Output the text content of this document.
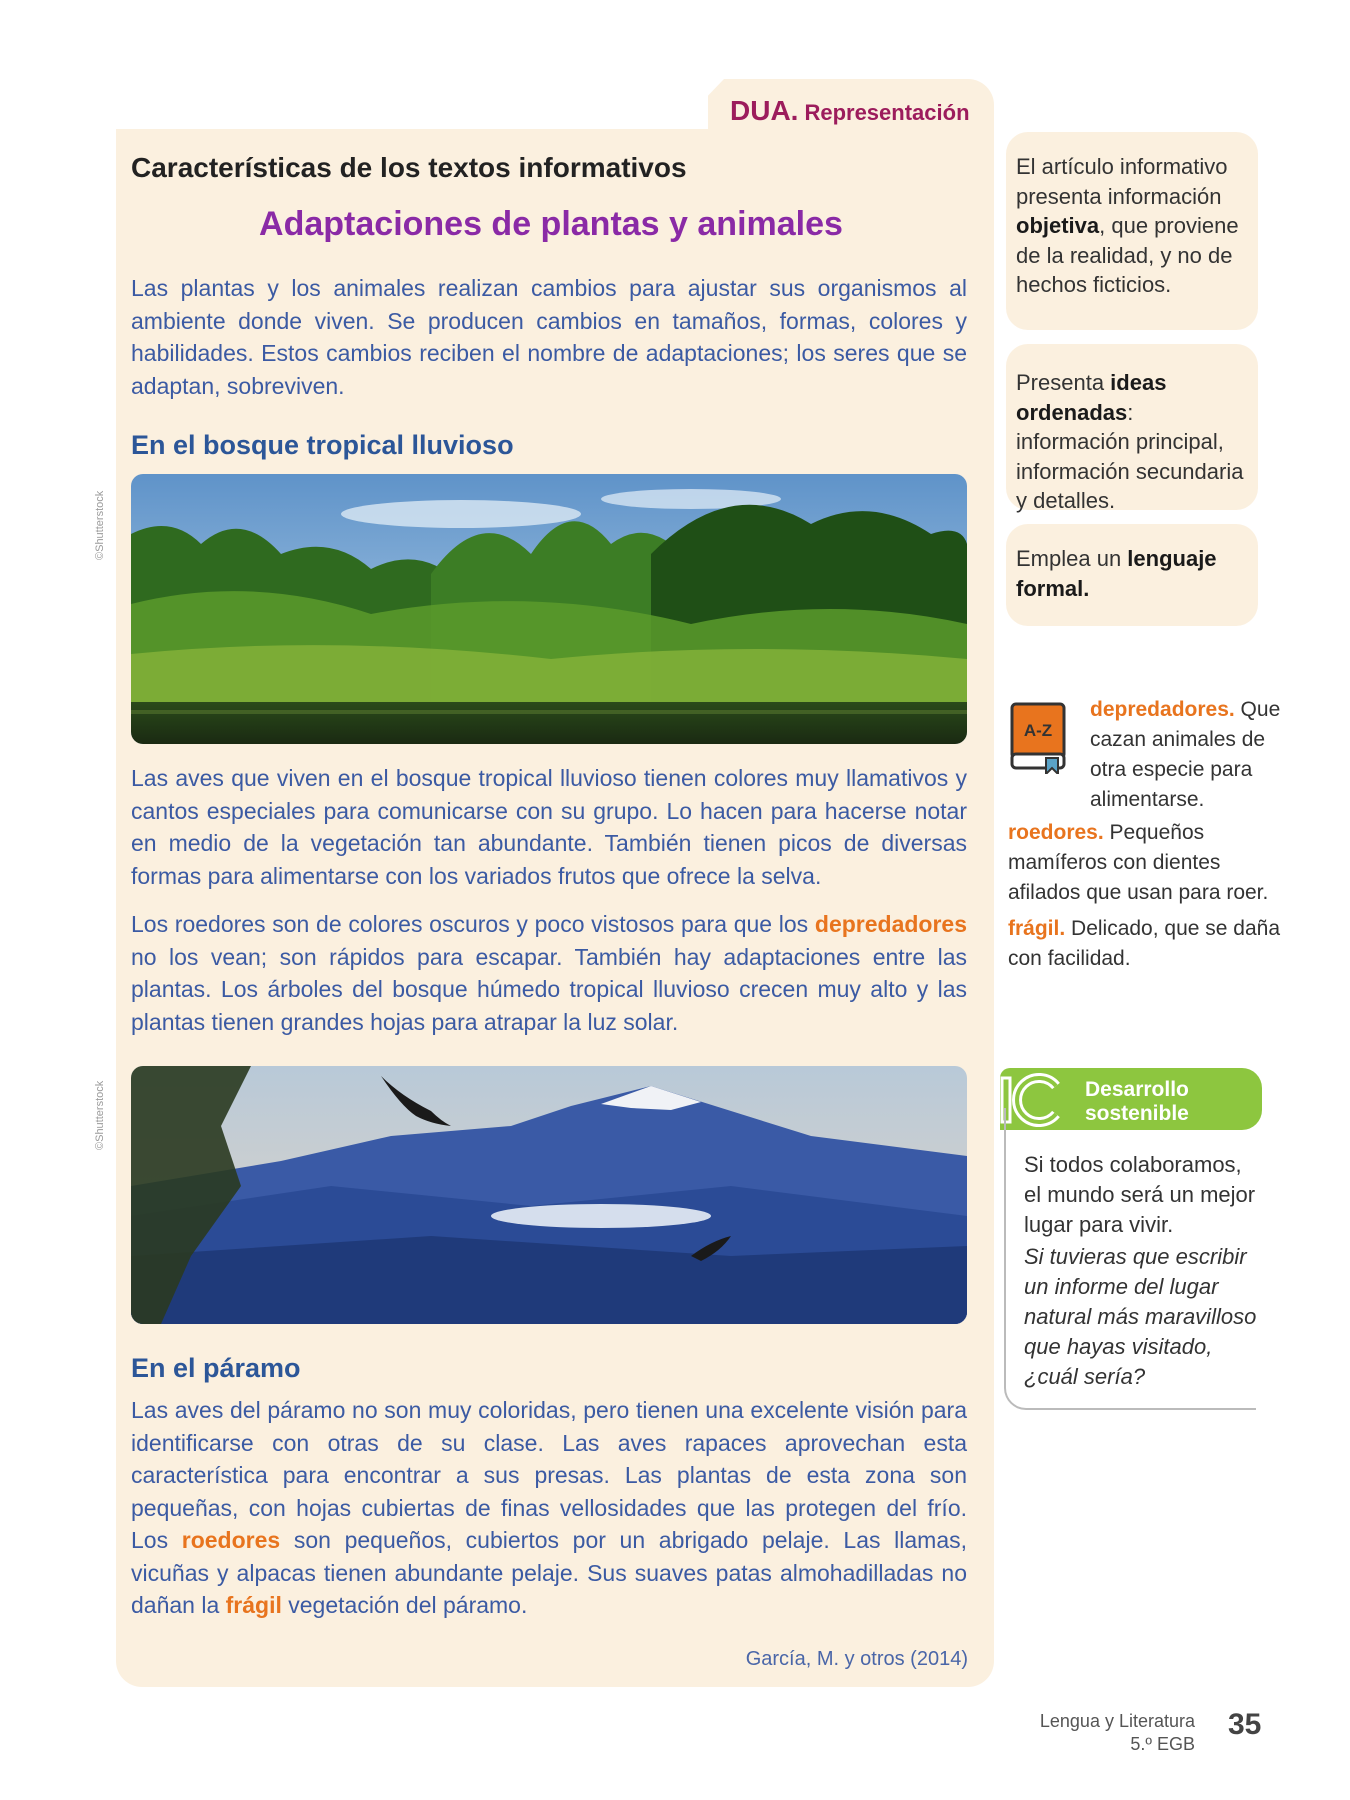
DUA. Representación
©Shutterstock
©Shutterstock
Características de los textos informativos
Adaptaciones de plantas y animales
Las plantas y los animales realizan cambios para ajustar sus organismos al ambiente donde viven. Se producen cambios en tamaños, formas, colores y habilidades. Estos cambios reciben el nombre de adaptaciones; los seres que se adaptan, sobreviven.
En el bosque tropical lluvioso
Las aves que viven en el bosque tropical lluvioso tienen colores muy llamativos y cantos especiales para comunicarse con su grupo. Lo hacen para hacerse notar en medio de la vegetación tan abundante. También tienen picos de diversas formas para alimentarse con los variados frutos que ofrece la selva.
Los roedores son de colores oscuros y poco vistosos para que los depredadores no los vean; son rápidos para escapar. También hay adaptaciones entre las plantas. Los árboles del bosque húmedo tropical lluvioso crecen muy alto y las plantas tienen grandes hojas para atrapar la luz solar.
En el páramo
Las aves del páramo no son muy coloridas, pero tienen una excelente visión para identificarse con otras de su clase. Las aves rapaces aprovechan esta característica para encontrar a sus presas. Las plantas de esta zona son pequeñas, con hojas cubiertas de finas vellosidades que las protegen del frío. Los roedores son pequeños, cubiertos por un abrigado pelaje. Las llamas, vicuñas y alpacas tienen abundante pelaje. Sus suaves patas almohadilladas no dañan la frágil vegetación del páramo.
García, M. y otros (2014)
El artículo informativo presenta información objetiva, que proviene de la realidad, y no de hechos ficticios.
Presenta ideas ordenadas: información principal, información secundaria y detalles.
Emplea un lenguaje formal.
A-Z
depredadores. Que cazan animales de otra especie para alimentarse.
roedores. Pequeños mamíferos con dientes afilados que usan para roer.
frágil. Delicado, que se daña con facilidad.
Desarrollo
sostenible
Si todos colaboramos, el mundo será un mejor lugar para vivir.
Si tuvieras que escribir un informe del lugar natural más maravilloso que hayas visitado, ¿cuál sería?
Lengua y Literatura
5.º EGB
35
